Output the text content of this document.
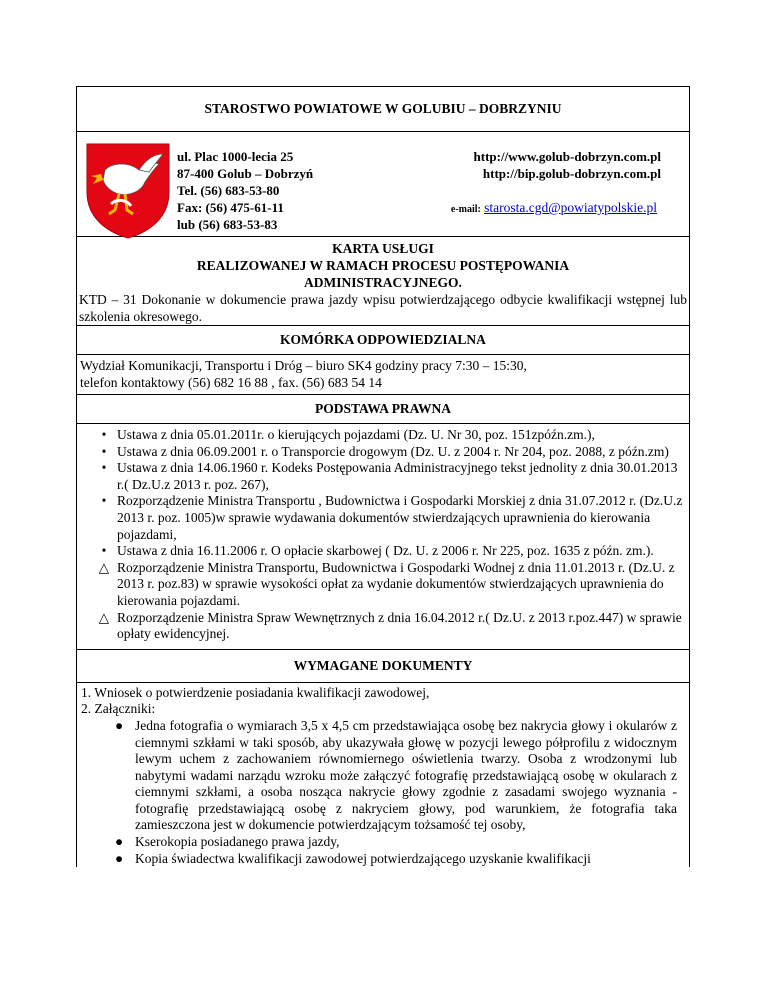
STAROSTWO POWIATOWE W GOLUBIU – DOBRZYNIU
ul. Plac 1000-lecia 25
87-400 Golub – Dobrzyń
Tel. (56) 683-53-80
Fax: (56) 475-61-11
lub (56) 683-53-83
http://www.golub-dobrzyn.com.pl
http://bip.golub-dobrzyn.com.pl
e-mail: starosta.cgd@powiatypolskie.pl
KARTA USŁUGI
REALIZOWANEJ W RAMACH PROCESU POSTĘPOWANIA
ADMINISTRACYJNEGO.
KTD – 31 Dokonanie w dokumencie prawa jazdy wpisu potwierdzającego odbycie kwalifikacji wstępnej lub szkolenia okresowego.
KOMÓRKA ODPOWIEDZIALNA
Wydział Komunikacji, Transportu i Dróg – biuro SK4 godziny pracy 7:30 – 15:30,
telefon kontaktowy (56) 682 16 88 , fax. (56) 683 54 14
PODSTAWA PRAWNA
• Ustawa z dnia 05.01.2011r. o kierujących pojazdami (Dz. U. Nr 30, poz. 151zpóźn.zm.),
• Ustawa z dnia 06.09.2001 r. o Transporcie drogowym (Dz. U. z 2004 r. Nr 204, poz. 2088, z późn.zm)
• Ustawa z dnia 14.06.1960 r. Kodeks Postępowania Administracyjnego tekst jednolity z dnia 30.01.2013 r.( Dz.U.z 2013 r. poz. 267),
• Rozporządzenie Ministra Transportu , Budownictwa i Gospodarki Morskiej z dnia 31.07.2012 r. (Dz.U.z 2013 r. poz. 1005)w sprawie wydawania dokumentów stwierdzających uprawnienia do kierowania pojazdami,
• Ustawa z dnia 16.11.2006 r. O opłacie skarbowej ( Dz. U. z 2006 r. Nr 225, poz. 1635 z późn. zm.).
△ Rozporządzenie Ministra Transportu, Budownictwa i Gospodarki Wodnej z dnia 11.01.2013 r. (Dz.U. z 2013 r. poz.83) w sprawie wysokości opłat za wydanie dokumentów stwierdzających uprawnienia do kierowania pojazdami.
△ Rozporządzenie Ministra Spraw Wewnętrznych z dnia 16.04.2012 r.( Dz.U. z 2013 r.poz.447) w sprawie opłaty ewidencyjnej.
WYMAGANE DOKUMENTY
1. Wniosek o potwierdzenie posiadania kwalifikacji zawodowej,
2. Załączniki:
● Jedna fotografia o wymiarach 3,5 x 4,5 cm przedstawiająca osobę bez nakrycia głowy i okularów z ciemnymi szkłami w taki sposób, aby ukazywała głowę w pozycji lewego półprofilu z widocznym lewym uchem z zachowaniem równomiernego oświetlenia twarzy. Osoba z wrodzonymi lub nabytymi wadami narządu wzroku może załączyć fotografię przedstawiającą osobę w okularach z ciemnymi szkłami, a osoba nosząca nakrycie głowy zgodnie z zasadami swojego wyznania - fotografię przedstawiającą osobę z nakryciem głowy, pod warunkiem, że fotografia taka zamieszczona jest w dokumencie potwierdzającym tożsamość tej osoby,
● Kserokopia posiadanego prawa jazdy,
● Kopia świadectwa kwalifikacji zawodowej potwierdzającego uzyskanie kwalifikacji
